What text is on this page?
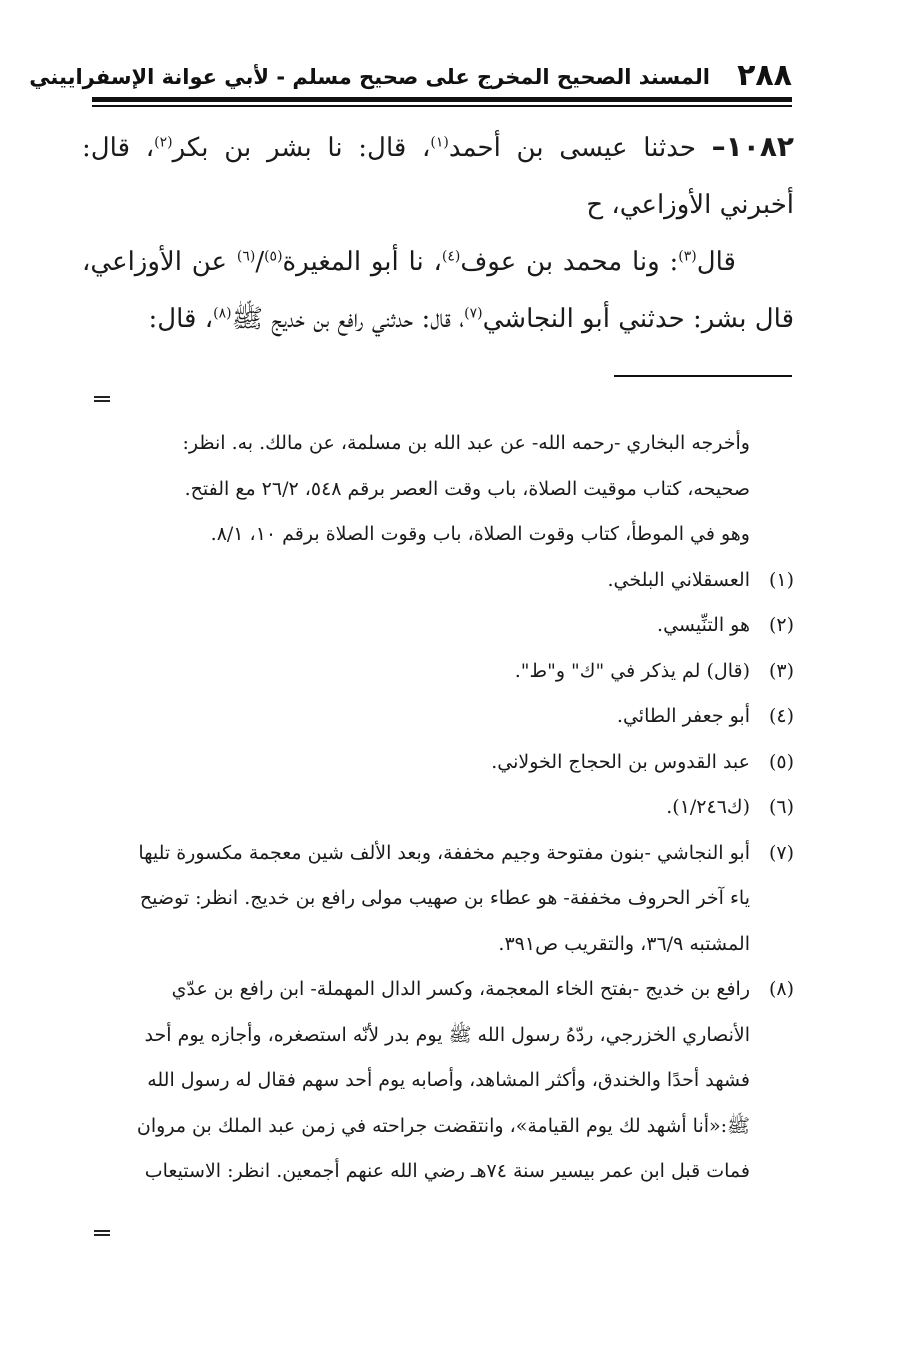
٢٨٨
المسند الصحيح المخرج على صحيح مسلم - لأبي عوانة الإسفراييني

١٠٨٢– حدثنا عيسى بن أحمد$^{(١)}$، قال: نا بشر بن بكر$^{(٢)}$، قال: أخبرني الأوزاعي، ح

قال$^{(٣)}$: ونا محمد بن عوف$^{(٤)}$، نا أبو المغيرة$^{(٥)}$/$^{(٦)}$ عن الأوزاعي، قال بشر: حدثني أبو النجاشي$^{(٧)}$، قال: حدثني رافع بن خديج ﷺ$^{(٨)}$، قال:

وأخرجه البخاري -رحمه الله- عن عبد الله بن مسلمة، عن مالك. به. انظر:
صحيحه، كتاب موقيت الصلاة، باب وقت العصر برقم ٥٤٨، ٢٦/٢ مع الفتح.
وهو في الموطأ، كتاب وقوت الصلاة، باب وقوت الصلاة برقم ١٠، ٨/١.
(١)
العسقلاني البلخي.
(٢)
هو التنِّيسي.
(٣)
(قال) لم يذكر في "ك" و"ط".
(٤)
أبو جعفر الطائي.
(٥)
عبد القدوس بن الحجاج الخولاني.
(٦)
(ك١/٢٤٦).
(٧)
أبو النجاشي -بنون مفتوحة وجيم مخففة، وبعد الألف شين معجمة مكسورة تليها
ياء آخر الحروف مخففة- هو عطاء بن صهيب مولى رافع بن خديج. انظر: توضيح
المشتبه ٣٦/٩، والتقريب ص٣٩١.
(٨)
رافع بن خديج -بفتح الخاء المعجمة، وكسر الدال المهملة- ابن رافع بن عدّي
الأنصاري الخزرجي، ردّهُ رسول الله ﷺ يوم بدر لأنّه استصغره، وأجازه يوم أحد
فشهد أحدًا والخندق، وأكثر المشاهد، وأصابه يوم أحد سهم فقال له رسول الله
ﷺ:«أنا أشهد لك يوم القيامة»، وانتقضت جراحته في زمن عبد الملك بن مروان
فمات قبل ابن عمر بيسير سنة ٧٤هـ رضي الله عنهم أجمعين. انظر: الاستيعاب
